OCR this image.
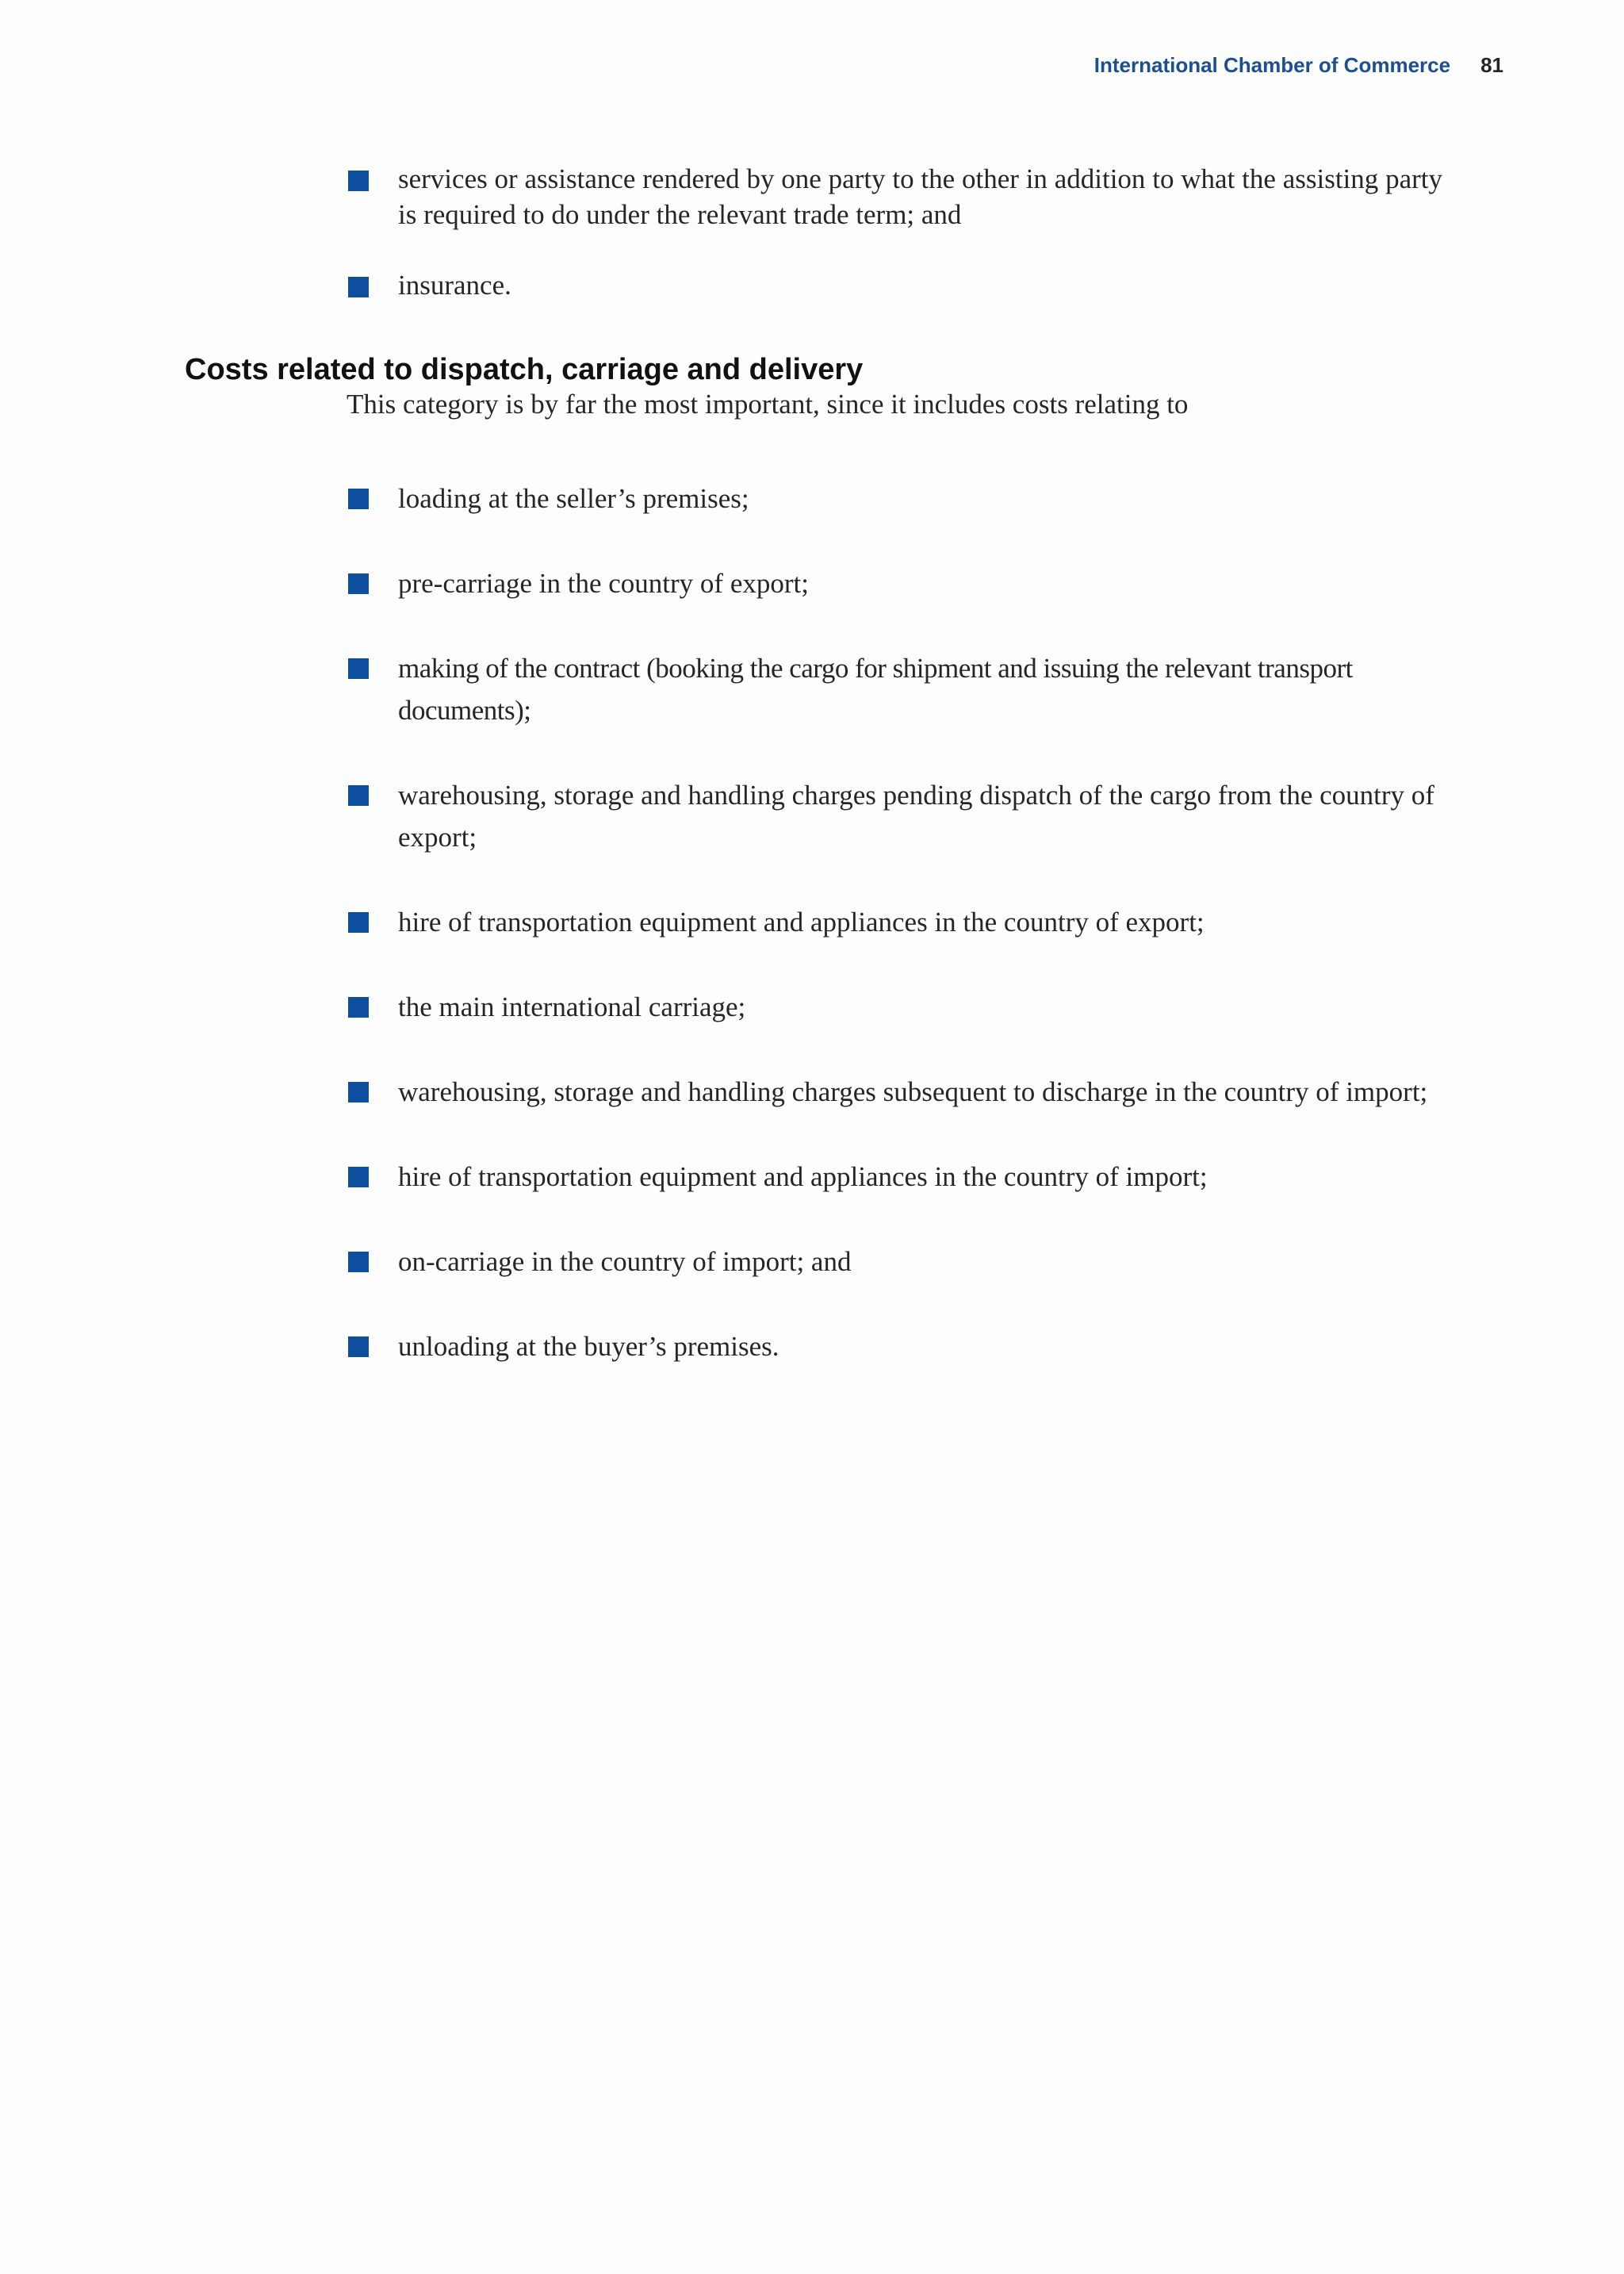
International Chamber of Commerce 81
services or assistance rendered by one party to the other in addition to what the assisting party is required to do under the relevant trade term; and
insurance.
Costs related to dispatch, carriage and delivery

This category is by far the most important, since it includes costs relating to

loading at the seller’s premises;
pre-carriage in the country of export;
making of the contract (booking the cargo for shipment and issuing the relevant transport documents);
warehousing, storage and handling charges pending dispatch of the cargo from the country of export;
hire of transportation equipment and appliances in the country of export;
the main international carriage;
warehousing, storage and handling charges subsequent to discharge in the country of import;
hire of transportation equipment and appliances in the country of import;
on-carriage in the country of import; and
unloading at the buyer’s premises.
